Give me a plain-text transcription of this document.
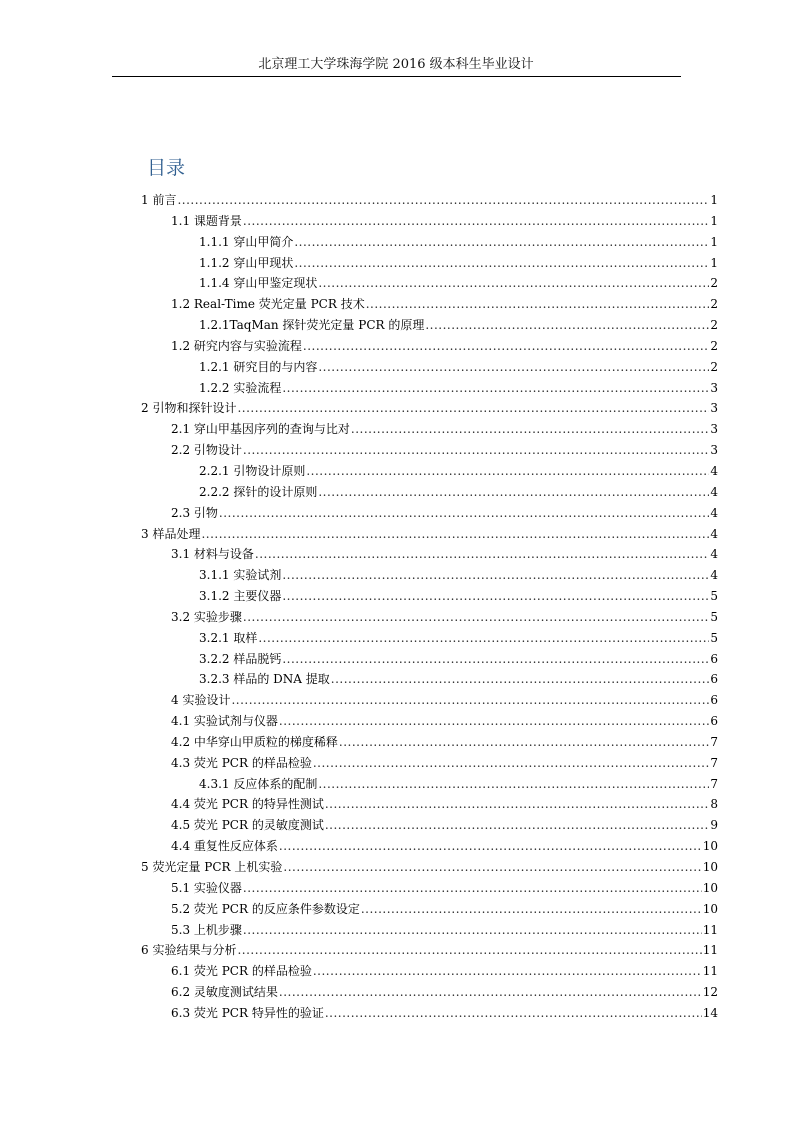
北京理工大学珠海学院 2016 级本科生毕业设计
目录
1 前言 .....	1
1.1 课题背景 .....	1
1.1.1 穿山甲简介 .....	1
1.1.2 穿山甲现状 .....	1
1.1.4 穿山甲鉴定现状 .....	2
1.2 Real-Time 荧光定量 PCR 技术 .....	2
1.2.1TaqMan 探针荧光定量 PCR 的原理 .....	2
1.2 研究内容与实验流程 .....	2
1.2.1 研究目的与内容 .....	2
1.2.2 实验流程 .....	3
2 引物和探针设计 .....	3
2.1 穿山甲基因序列的查询与比对 .....	3
2.2 引物设计 .....	3
2.2.1 引物设计原则 .....	4
2.2.2 探针的设计原则 .....	4
2.3 引物 .....	4
3 样品处理 .....	4
3.1 材料与设备 .....	4
3.1.1 实验试剂 .....	4
3.1.2 主要仪器 .....	5
3.2 实验步骤 .....	5
3.2.1 取样 .....	5
3.2.2 样品脱钙 .....	6
3.2.3 样品的 DNA 提取 .....	6
4 实验设计 .....	6
4.1 实验试剂与仪器 .....	6
4.2 中华穿山甲质粒的梯度稀释 .....	7
4.3 荧光 PCR 的样品检验 .....	7
4.3.1 反应体系的配制 .....	7
4.4 荧光 PCR 的特异性测试 .....	8
4.5 荧光 PCR 的灵敏度测试 .....	9
4.4 重复性反应体系 .....	10
5 荧光定量 PCR 上机实验 .....	10
5.1 实验仪器 .....	10
5.2 荧光 PCR 的反应条件参数设定 .....	10
5.3 上机步骤 .....	11
6 实验结果与分析 .....	11
6.1 荧光 PCR 的样品检验 .....	11
6.2 灵敏度测试结果 .....	12
6.3 荧光 PCR 特异性的验证 .....	14
